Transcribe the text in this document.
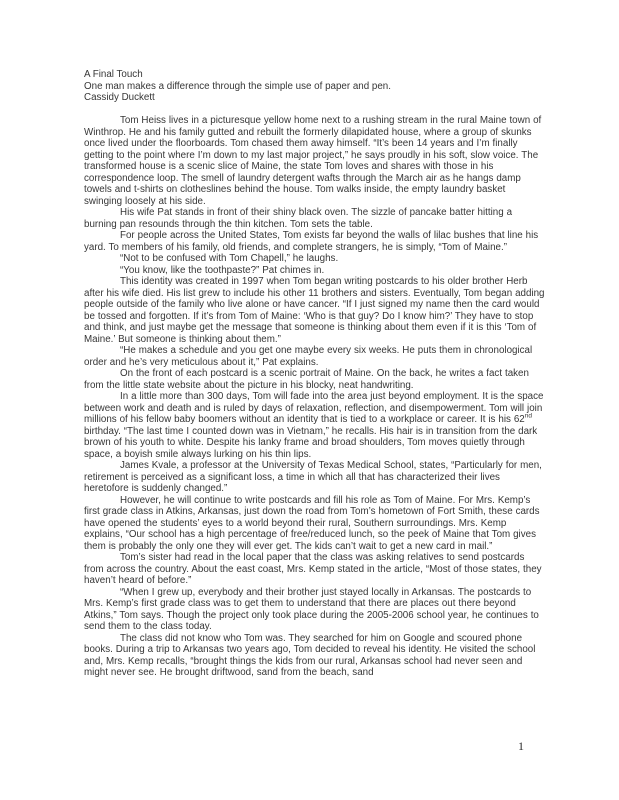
A Final Touch

One man makes a difference through the simple use of paper and pen.

Cassidy Duckett

Tom Heiss lives in a picturesque yellow home next to a rushing stream in the rural Maine town of Winthrop. He and his family gutted and rebuilt the formerly dilapidated house, where a group of skunks once lived under the floorboards. Tom chased them away himself. “It’s been 14 years and I’m finally getting to the point where I’m down to my last major project,” he says proudly in his soft, slow voice. The transformed house is a scenic slice of Maine, the state Tom loves and shares with those in his correspondence loop. The smell of laundry detergent wafts through the March air as he hangs damp towels and t-shirts on clotheslines behind the house. Tom walks inside, the empty laundry basket swinging loosely at his side.

His wife Pat stands in front of their shiny black oven. The sizzle of pancake batter hitting a burning pan resounds through the thin kitchen. Tom sets the table.

For people across the United States, Tom exists far beyond the walls of lilac bushes that line his yard. To members of his family, old friends, and complete strangers, he is simply, “Tom of Maine.”

“Not to be confused with Tom Chapell,” he laughs.

“You know, like the toothpaste?” Pat chimes in.

This identity was created in 1997 when Tom began writing postcards to his older brother Herb after his wife died. His list grew to include his other 11 brothers and sisters. Eventually, Tom began adding people outside of the family who live alone or have cancer. “If I just signed my name then the card would be tossed and forgotten. If it’s from Tom of Maine: ‘Who is that guy? Do I know him?’ They have to stop and think, and just maybe get the message that someone is thinking about them even if it is this ‘Tom of Maine.’ But someone is thinking about them.”

“He makes a schedule and you get one maybe every six weeks. He puts them in chronological order and he’s very meticulous about it,” Pat explains.

On the front of each postcard is a scenic portrait of Maine. On the back, he writes a fact taken from the little state website about the picture in his blocky, neat handwriting.

In a little more than 300 days, Tom will fade into the area just beyond employment. It is the space between work and death and is ruled by days of relaxation, reflection, and disempowerment. Tom will join millions of his fellow baby boomers without an identity that is tied to a workplace or career. It is his 62nd birthday. “The last time I counted down was in Vietnam,” he recalls. His hair is in transition from the dark brown of his youth to white. Despite his lanky frame and broad shoulders, Tom moves quietly through space, a boyish smile always lurking on his thin lips.

James Kvale, a professor at the University of Texas Medical School, states, “Particularly for men, retirement is perceived as a significant loss, a time in which all that has characterized their lives heretofore is suddenly changed.”

However, he will continue to write postcards and fill his role as Tom of Maine. For Mrs. Kemp’s first grade class in Atkins, Arkansas, just down the road from Tom’s hometown of Fort Smith, these cards have opened the students’ eyes to a world beyond their rural, Southern surroundings. Mrs. Kemp explains, “Our school has a high percentage of free/reduced lunch, so the peek of Maine that Tom gives them is probably the only one they will ever get. The kids can’t wait to get a new card in mail.”

Tom’s sister had read in the local paper that the class was asking relatives to send postcards from across the country. About the east coast, Mrs. Kemp stated in the article, “Most of those states, they haven’t heard of before.”

“When I grew up, everybody and their brother just stayed locally in Arkansas. The postcards to Mrs. Kemp’s first grade class was to get them to understand that there are places out there beyond Atkins,” Tom says. Though the project only took place during the 2005-2006 school year, he continues to send them to the class today.

The class did not know who Tom was. They searched for him on Google and scoured phone books. During a trip to Arkansas two years ago, Tom decided to reveal his identity. He visited the school and, Mrs. Kemp recalls, “brought things the kids from our rural, Arkansas school had never seen and might never see. He brought driftwood, sand from the beach, sand

1
